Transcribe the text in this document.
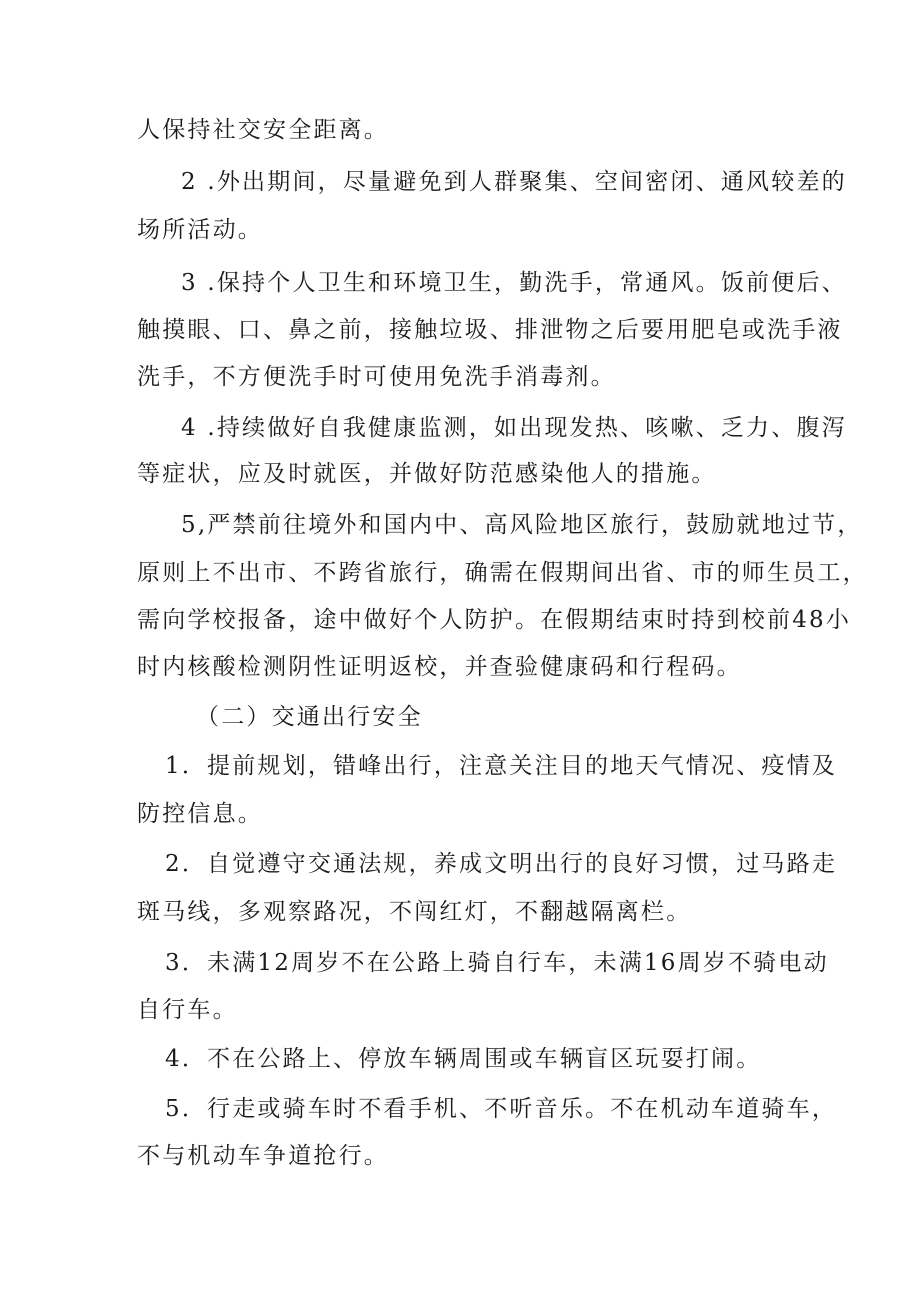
人保持社交安全距离。

2 .外出期间，尽量避免到人群聚集、空间密闭、通风较差的

场所活动。

3 .保持个人卫生和环境卫生，勤洗手，常通风。饭前便后、

触摸眼、口、鼻之前，接触垃圾、排泄物之后要用肥皂或洗手液

洗手，不方便洗手时可使用免洗手消毒剂。

4 .持续做好自我健康监测，如出现发热、咳嗽、乏力、腹泻

等症状，应及时就医，并做好防范感染他人的措施。

5,严禁前往境外和国内中、高风险地区旅行，鼓励就地过节，

原则上不出市、不跨省旅行，确需在假期间出省、市的师生员工，

需向学校报备，途中做好个人防护。在假期结束时持到校前48小

时内核酸检测阴性证明返校，并查验健康码和行程码。

（二）交通出行安全

1．提前规划，错峰出行，注意关注目的地天气情况、疫情及

防控信息。

2．自觉遵守交通法规，养成文明出行的良好习惯，过马路走

斑马线，多观察路况，不闯红灯，不翻越隔离栏。

3．未满12周岁不在公路上骑自行车，未满16周岁不骑电动

自行车。

4．不在公路上、停放车辆周围或车辆盲区玩耍打闹。

5．行走或骑车时不看手机、不听音乐。不在机动车道骑车，

不与机动车争道抢行。
